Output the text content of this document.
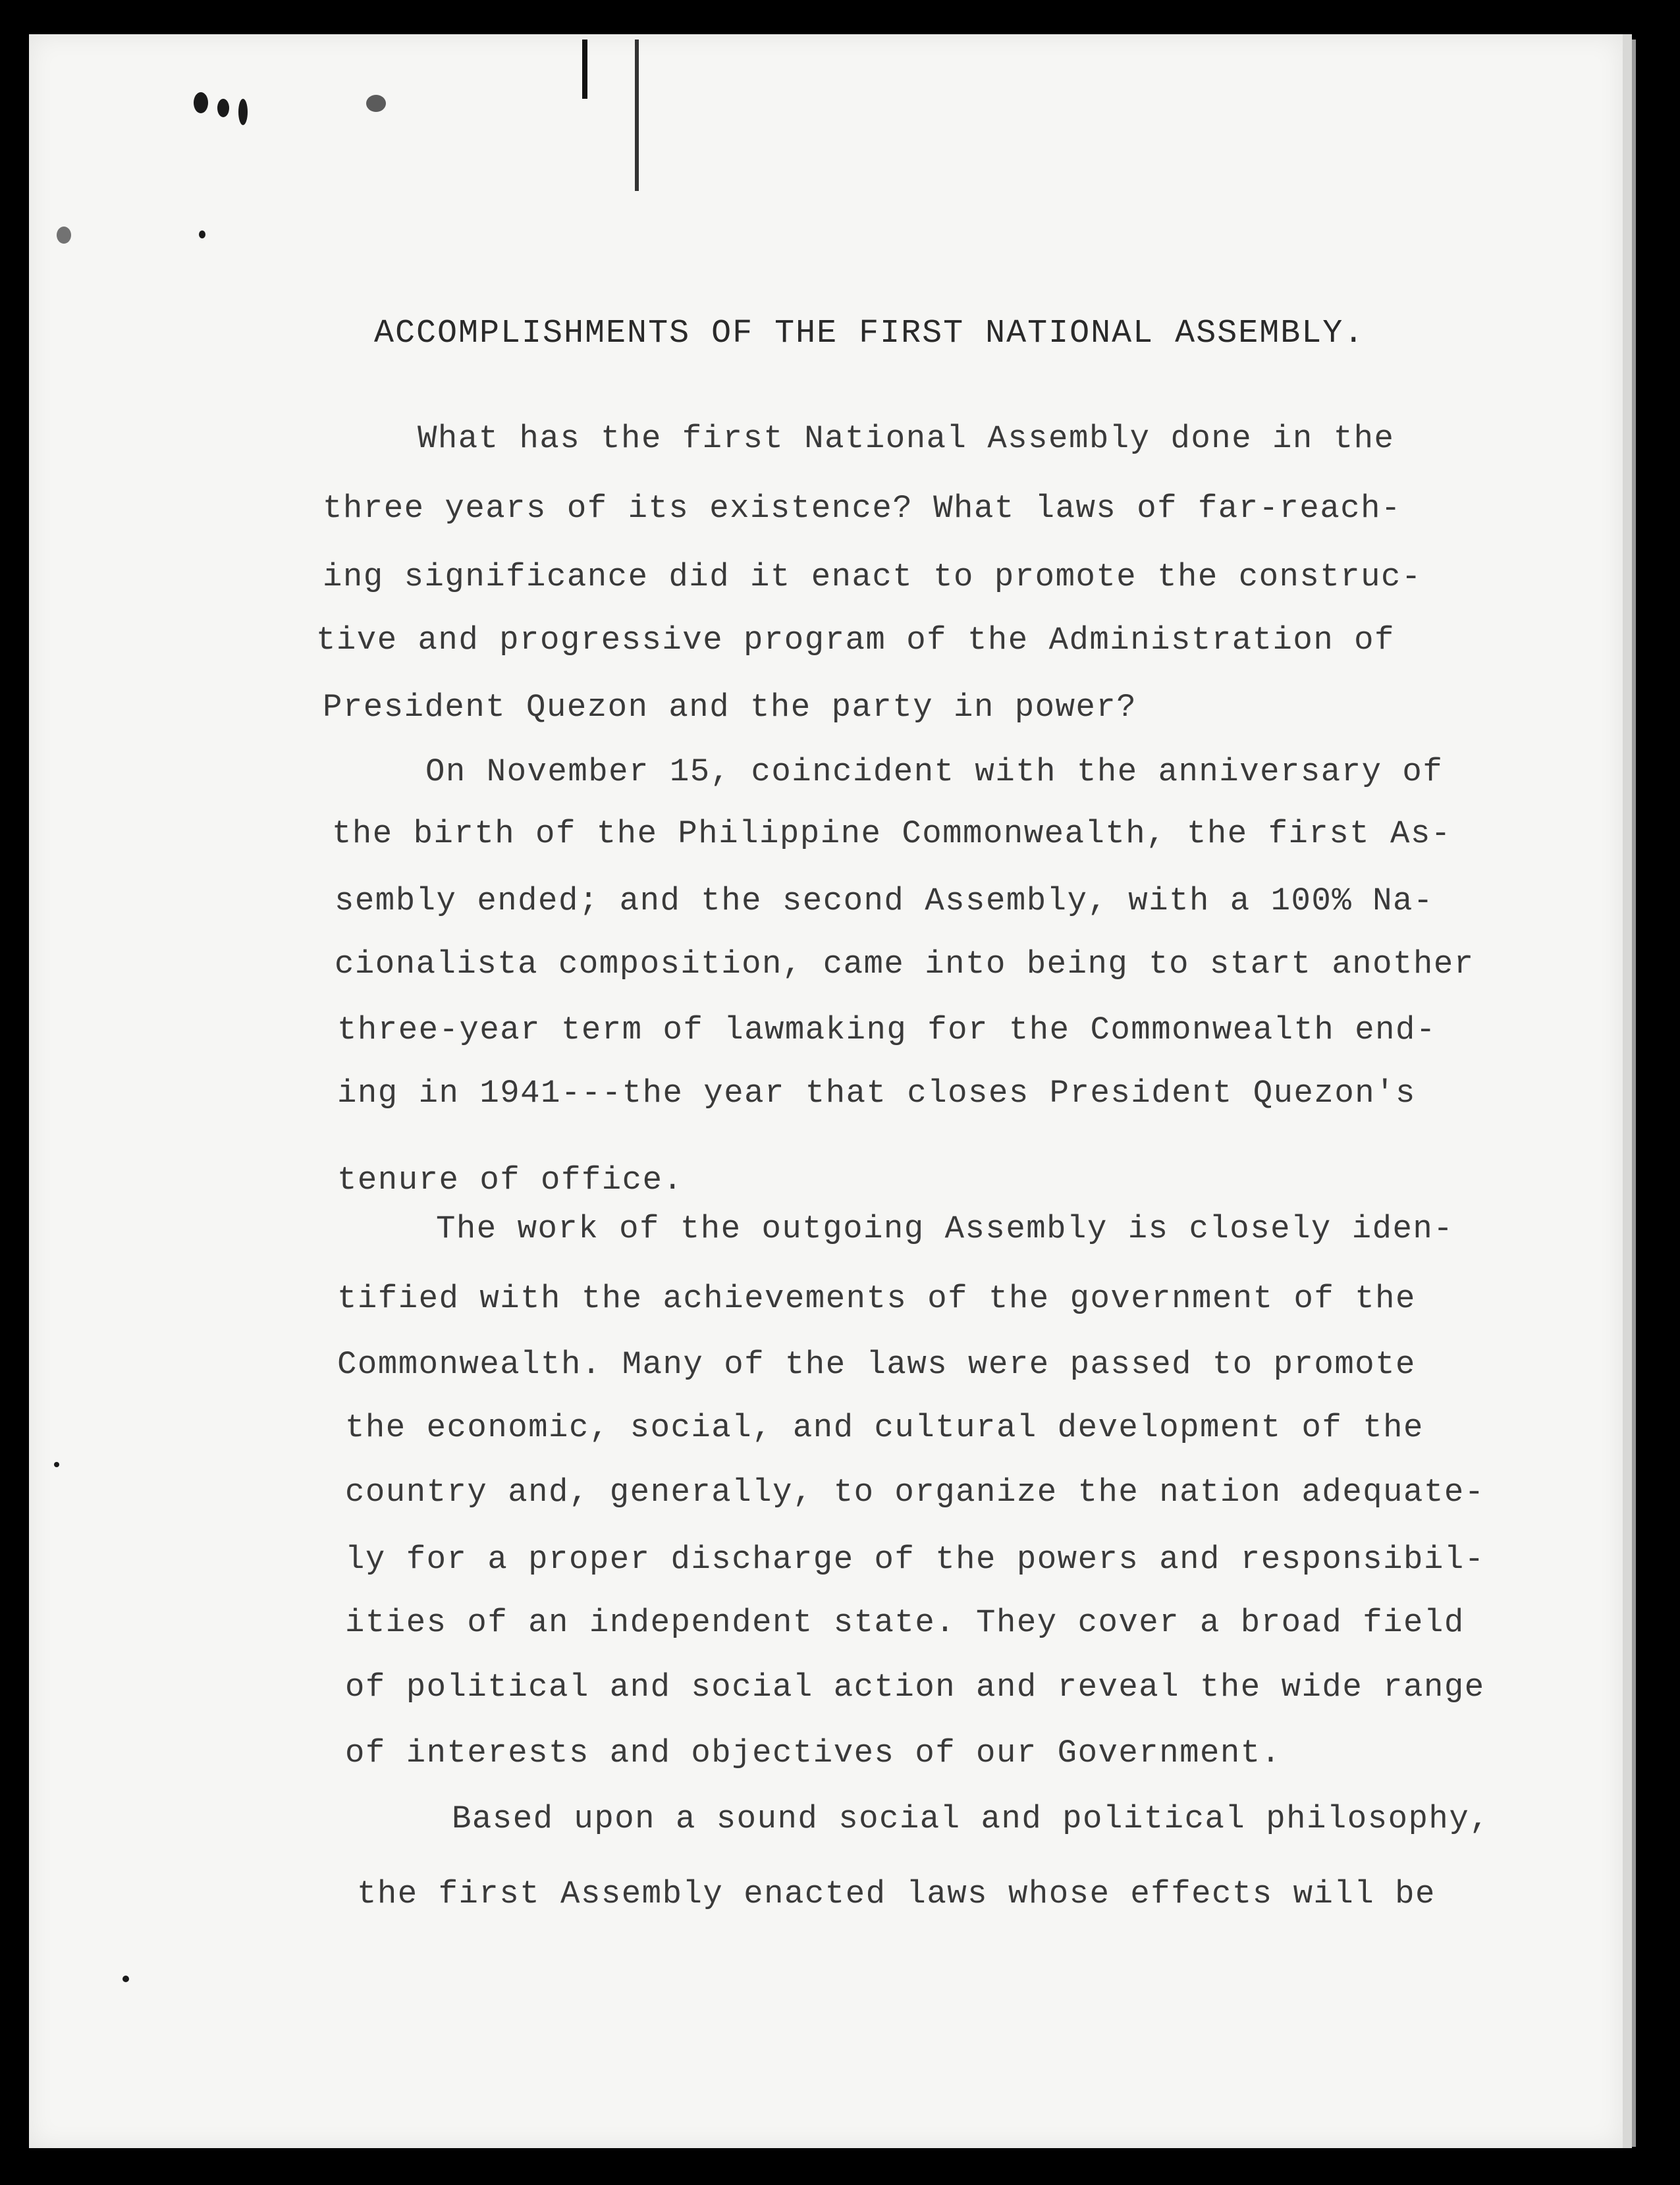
ACCOMPLISHMENTS OF THE FIRST NATIONAL ASSEMBLY.
What has the first National Assembly done in the
three years of its existence? What laws of far-reach-
ing significance did it enact to promote the construc-
tive and progressive program of the Administration of
President Quezon and the party in power?
On November 15, coincident with the anniversary of
the birth of the Philippine Commonwealth, the first As-
sembly ended; and the second Assembly, with a 100% Na-
cionalista composition, came into being to start another
three-year term of lawmaking for the Commonwealth end-
ing in 1941---the year that closes President Quezon's
tenure of office.
The work of the outgoing Assembly is closely iden-
tified with the achievements of the government of the
Commonwealth. Many of the laws were passed to promote
the economic, social, and cultural development of the
country and, generally, to organize the nation adequate-
ly for a proper discharge of the powers and responsibil-
ities of an independent state. They cover a broad field
of political and social action and reveal the wide range
of interests and objectives of our Government.
Based upon a sound social and political philosophy,
the first Assembly enacted laws whose effects will be
